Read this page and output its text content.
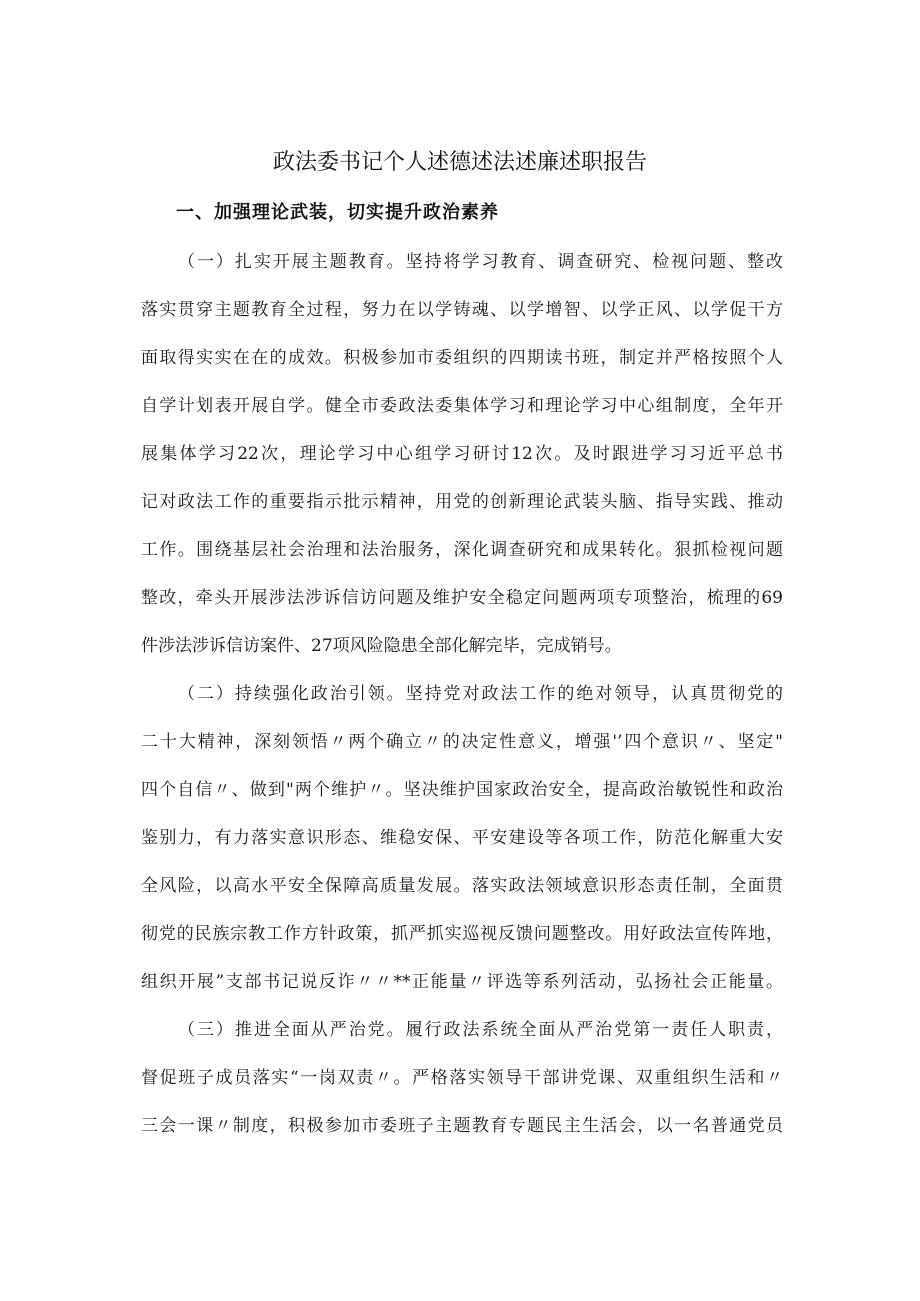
政法委书记个人述德述法述廉述职报告
一、加强理论武装，切实提升政治素养
（一）扎实开展主题教育。坚持将学习教育、调查研究、检视问题、整改
落实贯穿主题教育全过程，努力在以学铸魂、以学增智、以学正风、以学促干方
面取得实实在在的成效。积极参加市委组织的四期读书班，制定并严格按照个人
自学计划表开展自学。健全市委政法委集体学习和理论学习中心组制度，全年开
展集体学习22次，理论学习中心组学习研讨12次。及时跟进学习习近平总书
记对政法工作的重要指示批示精神，用党的创新理论武装头脑、指导实践、推动
工作。围绕基层社会治理和法治服务，深化调查研究和成果转化。狠抓检视问题
整改，牵头开展涉法涉诉信访问题及维护安全稳定问题两项专项整治，梳理的69
件涉法涉诉信访案件、27项风险隐患全部化解完毕，完成销号。
（二）持续强化政治引领。坚持党对政法工作的绝对领导，认真贯彻党的
二十大精神，深刻领悟〃两个确立〃的决定性意义，增强'’四个意识〃、坚定"
四个自信〃、做到"两个维护〃。坚决维护国家政治安全，提高政治敏锐性和政治
鉴别力，有力落实意识形态、维稳安保、平安建设等各项工作，防范化解重大安
全风险，以高水平安全保障高质量发展。落实政法领域意识形态责任制，全面贯
彻党的民族宗教工作方针政策，抓严抓实巡视反馈问题整改。用好政法宣传阵地，
组织开展”支部书记说反诈〃〃**正能量〃评选等系列活动，弘扬社会正能量。
（三）推进全面从严治党。履行政法系统全面从严治党第一责任人职责，
督促班子成员落实“一岗双责〃。严格落实领导干部讲党课、双重组织生活和〃
三会一课〃制度，积极参加市委班子主题教育专题民主生活会，以一名普通党员
